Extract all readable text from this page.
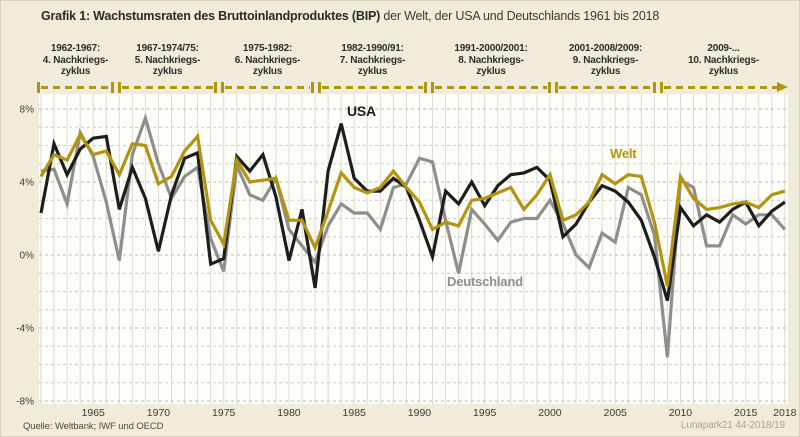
Grafik 1: Wachstumsraten des Bruttoinlandproduktes (BIP) der Welt, der USA und Deutschlands 1961 bis 2018
1962-1967:
4. Nachkriegs-
zyklus
1967-1974/75:
5. Nachkriegs-
zyklus
1975-1982:
6. Nachkriegs-
zyklus
1982-1990/91:
7. Nachkriegs-
zyklus
1991-2000/2001:
8. Nachkriegs-
zyklus
2001-2008/2009:
9. Nachkriegs-
zyklus
2009-...
10. Nachkriegs-
zyklus
8%
4%
0%
-4%
-8%
1965	1970	1975	1980	1985	1990	1995	2000	2005	2010	2015 2018
USA
Welt
Deutschland
Quelle: Weltbank; IWF und OECD	Lunapark21 44-2018/19
